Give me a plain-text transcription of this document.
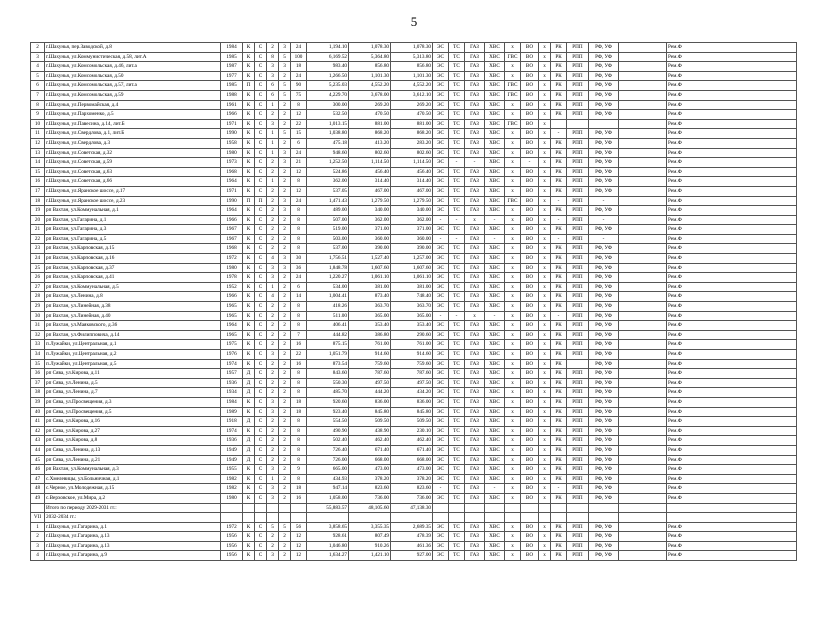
5
2	г.Шахунья, пер.Заводской, д.8	1984	К	С	2	3	24	1,194.10	1,078.30	1,078.30	ЭС	ТС	ГАЗ	ХВС	х	ВО	х	РК	РПП	РФ, УФ		Рем.Ф
3	г.Шахунья, ул.Коммунистическая, д.58, лит.А	1985	К	С	8	5	100	6,169.52	5,364.80	5,313.80	ЭС	ТС	ГАЗ	ХВС	ГВС	ВО	х	РК	РПП	РФ, УФ		Рем.Ф
4	г.Шахунья, ул.Комсомольская, д.46, лит.а	1987	К	С	3	3	18	983.40	856.80	856.80	ЭС	ТС	ГАЗ	ХВС	х	ВО	х	РК	РПП	РФ, УФ		Рем.Ф
5	г.Шахунья, ул.Комсомольская, д.50	1977	К	С	3	2	24	1,266.50	1,101.30	1,101.30	ЭС	ТС	ГАЗ	ХВС	х	ВО	х	РК	РПП	РФ, УФ		Рем.Ф
6	г.Шахунья, ул.Комсомольская, д.57, лит.а	1985	П	С	6	5	90	5,235.03	4,552.20	4,552.20	ЭС	ТС	ГАЗ	ХВС	ГВС	ВО	х	РК	РПП	РФ, УФ		Рем.Ф
7	г.Шахунья, ул.Комсомольская, д.59	1988	К	С	6	5	75	4,229.70	3,678.00	3,612.10	ЭС	ТС	ГАЗ	ХВС	ГВС	ВО	х	РК	РПП	РФ, УФ		Рем.Ф
8	г.Шахунья, ул.Первомайская, д.4	1961	К	С	1	2	8	300.00	269.20	269.20	ЭС	ТС	ГАЗ	ХВС	х	ВО	х	РК	РПП	РФ, УФ		Рем.Ф
9	г.Шахунья, ул.Пархоменко, д.5	1966	К	С	2	2	12	532.50	470.50	470.50	ЭС	ТС	ГАЗ	ХВС	х	ВО	х	РК	РПП	РФ, УФ		Рем.Ф
10	г.Шахунья, ул.Павесина, д.14, лит.Б	1971	К	С	3	2	22	1,013.15	881.00	881.00	ЭС	ТС	ГАЗ	ХВС	ГВС	ВО	х					Рем.Ф
11	г.Шахунья, ул.Свердлова, д.1, лит.Б	1990	К	С	1	5	15	1,038.80	868.20	868.20	ЭС	ТС	ГАЗ	ХВС	х	ВО	х	-	РПП	РФ, УФ		Рем.Ф
12	г.Шахунья, ул.Свердлова, д.3	1958	К	С	1	2	6	475.18	413.20	283.20	ЭС	ТС	ГАЗ	ХВС	х	ВО	х	РК	РПП	РФ, УФ		Рем.Ф
13	г.Шахунья, ул.Советская, д.32	1980	К	С	1	3	24	948.60	802.60	802.60	ЭС	ТС	ГАЗ	ХВС	х	ВО	х	РК	РПП	РФ, УФ		Рем.Ф
14	г.Шахунья, ул.Советская, д.59	1973	К	С	2	3	21	1,252.50	1,114.50	1,114.50	ЭС	-	-	ХВС	х	-	х	РК	РПП	РФ, УФ		Рем.Ф
15	г.Шахунья, ул.Советская, д.63	1968	К	С	2	2	12	524.86	456.40	456.40	ЭС	ТС	ГАЗ	ХВС	х	ВО	х	РК	РПП	РФ, УФ		Рем.Ф
16	г.Шахунья, ул.Советская, д.66	1964	К	С	1	2	8	362.00	314.40	314.40	ЭС	ТС	ГАЗ	ХВС	х	ВО	х	РК	РПП	РФ, УФ		Рем.Ф
17	г.Шахунья, ул.Яранское шоссе, д.17	1971	К	С	2	2	12	537.05	467.00	467.00	ЭС	ТС	ГАЗ	ХВС	х	ВО	х	РК	РПП	РФ, УФ		Рем.Ф
18	г.Шахунья, ул.Яранское шоссе, д.23	1990	П	П	2	3	24	1,471.43	1,279.50	1,279.50	ЭС	ТС	ГАЗ	ХВС	ГВС	ВО	х	-	РПП	-		Рем.Ф
19	рп Вахтан, ул.Коммунальная, д.1	1964	К	С	2	3	8	489.00	340.00	340.00	ЭС	ТС	ГАЗ	ХВС	х	ВО	х	РК	РПП	РФ, УФ		Рем.Ф
20	рп Вахтан, ул.Гагарина, д.1	1966	К	С	2	2	8	507.00	362.00	362.00	-	-	х	-	х	ВО	х	-	РПП	-		Рем.Ф
21	рп Вахтан, ул.Гагарина, д.3	1967	К	С	2	2	8	519.00	371.00	371.00	ЭС	ТС	ГАЗ	ХВС	х	ВО	х	РК	РПП	РФ, УФ		Рем.Ф
22	рп Вахтан, ул.Гагарина, д.5	1967	К	С	2	2	8	503.00	360.00	360.00	-	-	ГАЗ	-	х	ВО	х	-	РПП	-		Рем.Ф
23	рп Вахтан, ул.Карповская, д.15	1968	К	С	2	2	8	537.00	390.00	390.00	ЭС	ТС	ГАЗ	ХВС	х	ВО	х	РК	РПП	РФ, УФ		Рем.Ф
24	рп Вахтан, ул.Карповская, д.16	1972	К	С	4	3	30	1,756.51	1,527.40	1,257.00	ЭС	ТС	ГАЗ	ХВС	х	ВО	х	РК	РПП	РФ, УФ		Рем.Ф
25	рп Вахтан, ул.Карповская, д.37	1980	К	С	3	3	36	1,848.78	1,607.60	1,607.60	ЭС	ТС	ГАЗ	ХВС	х	ВО	х	РК	РПП	РФ, УФ		Рем.Ф
26	рп Вахтан, ул.Карповская, д.41	1978	К	С	3	2	24	1,220.27	1,061.10	1,061.10	ЭС	ТС	ГАЗ	ХВС	х	ВО	х	РК	РПП	РФ, УФ		Рем.Ф
27	рп Вахтан, ул.Коммунальная, д.5	1952	К	С	1	2	6	534.00	381.00	381.00	ЭС	ТС	ГАЗ	ХВС	х	ВО	х	РК	РПП	РФ, УФ		Рем.Ф
28	рп Вахтан, ул.Ленина, д.8	1966	К	С	4	2	14	1,004.41	873.40	748.40	ЭС	ТС	ГАЗ	ХВС	х	ВО	х	РК	РПП	РФ, УФ		Рем.Ф
29	рп Вахтан, ул.Линейная, д.38	1965	К	С	2	2	8	418.26	363.70	363.70	ЭС	ТС	ГАЗ	ХВС	х	ВО	х	РК	РПП	РФ, УФ		Рем.Ф
30	рп Вахтан, ул.Линейная, д.40	1965	К	С	2	2	8	511.00	365.00	365.00	-	-	х	-	х	ВО	х	-	РПП	РФ, УФ		Рем.Ф
31	рп Вахтан, ул.Маяковского, д.36	1964	К	С	2	2	8	406.41	353.40	353.40	ЭС	ТС	ГАЗ	ХВС	х	ВО	х	РК	РПП	РФ, УФ		Рем.Ф
32	рп Вахтан, ул.Филипповича, д.14	1965	К	С	2	2	7	444.82	386.80	290.60	ЭС	ТС	ГАЗ	ХВС	х	ВО	х	РК	РПП	РФ, УФ		Рем.Ф
33	п.Лужайки, ул.Центральная, д.1	1975	К	С	2	2	16	875.15	761.00	761.00	ЭС	ТС	ГАЗ	ХВС	х	ВО	х	РК	РПП	РФ, УФ		Рем.Ф
34	п.Лужайки, ул.Центральная, д.2	1976	К	С	3	2	22	1,051.79	914.60	914.60	ЭС	ТС	ГАЗ	ХВС	х	ВО	х	РК	РПП	РФ, УФ		Рем.Ф
35	п.Лужайки, ул.Центральная, д.5	1974	К	С	2	2	16	873.54	759.60	759.60	ЭС	ТС	ГАЗ	ХВС	х	ВО	х	РК		РФ, УФ		Рем.Ф
36	рп Сява, ул.Кирова, д.11	1957	Д	С	2	2	8	843.60	787.60	787.60	ЭС	ТС	ГАЗ	ХВС	х	ВО	х	РК	РПП	РФ, УФ		Рем.Ф
37	рп Сява, ул.Ленина, д.5	1936	Д	С	2	2	8	550.30	497.50	497.50	ЭС	ТС	ГАЗ	ХВС	х	ВО	х	РК	РПП	РФ, УФ		Рем.Ф
38	рп Сява, ул.Ленина, д.7	1934	Д	С	2	2	8	485.70	444.20	434.20	ЭС	ТС	ГАЗ	ХВС	х	ВО	х	РК	РПП	РФ, УФ		Рем.Ф
39	рп Сява, ул.Просвещения, д.3	1984	К	С	3	2	18	920.60	836.00	836.00	ЭС	ТС	ГАЗ	ХВС	х	ВО	х	РК	РПП	РФ, УФ		Рем.Ф
40	рп Сява, ул.Просвещения, д.5	1989	К	С	3	2	18	923.40	845.80	845.80	ЭС	ТС	ГАЗ	ХВС	х	ВО	х	РК	РПП	РФ, УФ		Рем.Ф
41	рп Сява, ул.Кирова, д.16	1918	Д	С	2	2	8	554.50	509.50	509.50	ЭС	ТС	ГАЗ	ХВС	х	ВО	х	РК	РПП	РФ, УФ		Рем.Ф
42	рп Сява, ул.Кирова, д.27	1974	К	С	2	2	8	490.90	438.90	230.10	ЭС	ТС	ГАЗ	ХВС	х	ВО	х	РК	РПП	РФ, УФ		Рем.Ф
43	рп Сява, ул.Кирова, д.8	1936	Д	С	2	2	8	502.40	462.40	462.40	ЭС	ТС	ГАЗ	ХВС	х	ВО	х	РК	РПП	РФ, УФ		Рем.Ф
44	рп Сява, ул.Ленина, д.13	1949	Д	С	2	2	8	726.40	671.40	671.40	ЭС	ТС	ГАЗ	ХВС	х	ВО	х	РК	РПП	РФ, УФ		Рем.Ф
45	рп Сява, ул.Ленина, д.21	1949	Д	С	2	2	8	726.00	668.00	668.00	ЭС	ТС	ГАЗ	ХВС	х	ВО	х	РК	РПП	РФ, УФ		Рем.Ф
46	рп Вахтан, ул.Коммунальная, д.3	1955	К	С	3	2	9	665.00	473.00	473.00	ЭС	ТС	ГАЗ	ХВС	х	ВО	х	РК	РПП	РФ, УФ		Рем.Ф
47	с.Хмелевицы, ул.Больничная, д.1	1982	К	С	1	2	8	434.93	378.20	378.20	ЭС	ТС	ГАЗ	ХВС	х	ВО	х	РК	РПП	РФ, УФ		Рем.Ф
48	с.Черное, ул.Молодежная, д.15	1982	К	С	3	2	18	947.14	823.60	823.60	-	ТС	ГАЗ	-	х	ВО	х	-	РПП	РФ, УФ		Рем.Ф
49	с.Верховское, ул.Мира, д.2	1980	К	С	3	2	16	1,058.00	736.00	736.00	ЭС	ТС	ГАЗ	ХВС	х	ВО	х	РК	РПП	РФ, УФ		Рем.Ф
	Итого по периоду 2029-2031 гг.:							55,883.57	48,105.60	47,138.30												
VII	2032-2034 гг.:																					
1	г.Шахунья, ул.Гагарина, д.1	1972	К	С	5	5	56	3,858.65	3,355.35	2,689.35	ЭС	ТС	ГАЗ	ХВС	х	ВО	х	РК	РПП	РФ, УФ		Рем.Ф
2	г.Шахунья, ул.Гагарина, д.13	1956	К	С	2	2	12	928.61	807.49	478.39	ЭС	ТС	ГАЗ	ХВС	х	ВО	х	РК	РПП	РФ, УФ		Рем.Ф
3	г.Шахунья, ул.Гагарина, д.13	1956	К	С	2	2	12	1,046.80	910.26	461.36	ЭС	ТС	ГАЗ	ХВС	х	ВО	х	РК	РПП	РФ, УФ		Рем.Ф
4	г.Шахунья, ул.Гагарина, д.9	1956	К	С	3	2	12	1,634.27	1,421.10	927.00	ЭС	ТС	ГАЗ	ХВС	х	ВО	х	РК	РПП	РФ, УФ		Рем.Ф
